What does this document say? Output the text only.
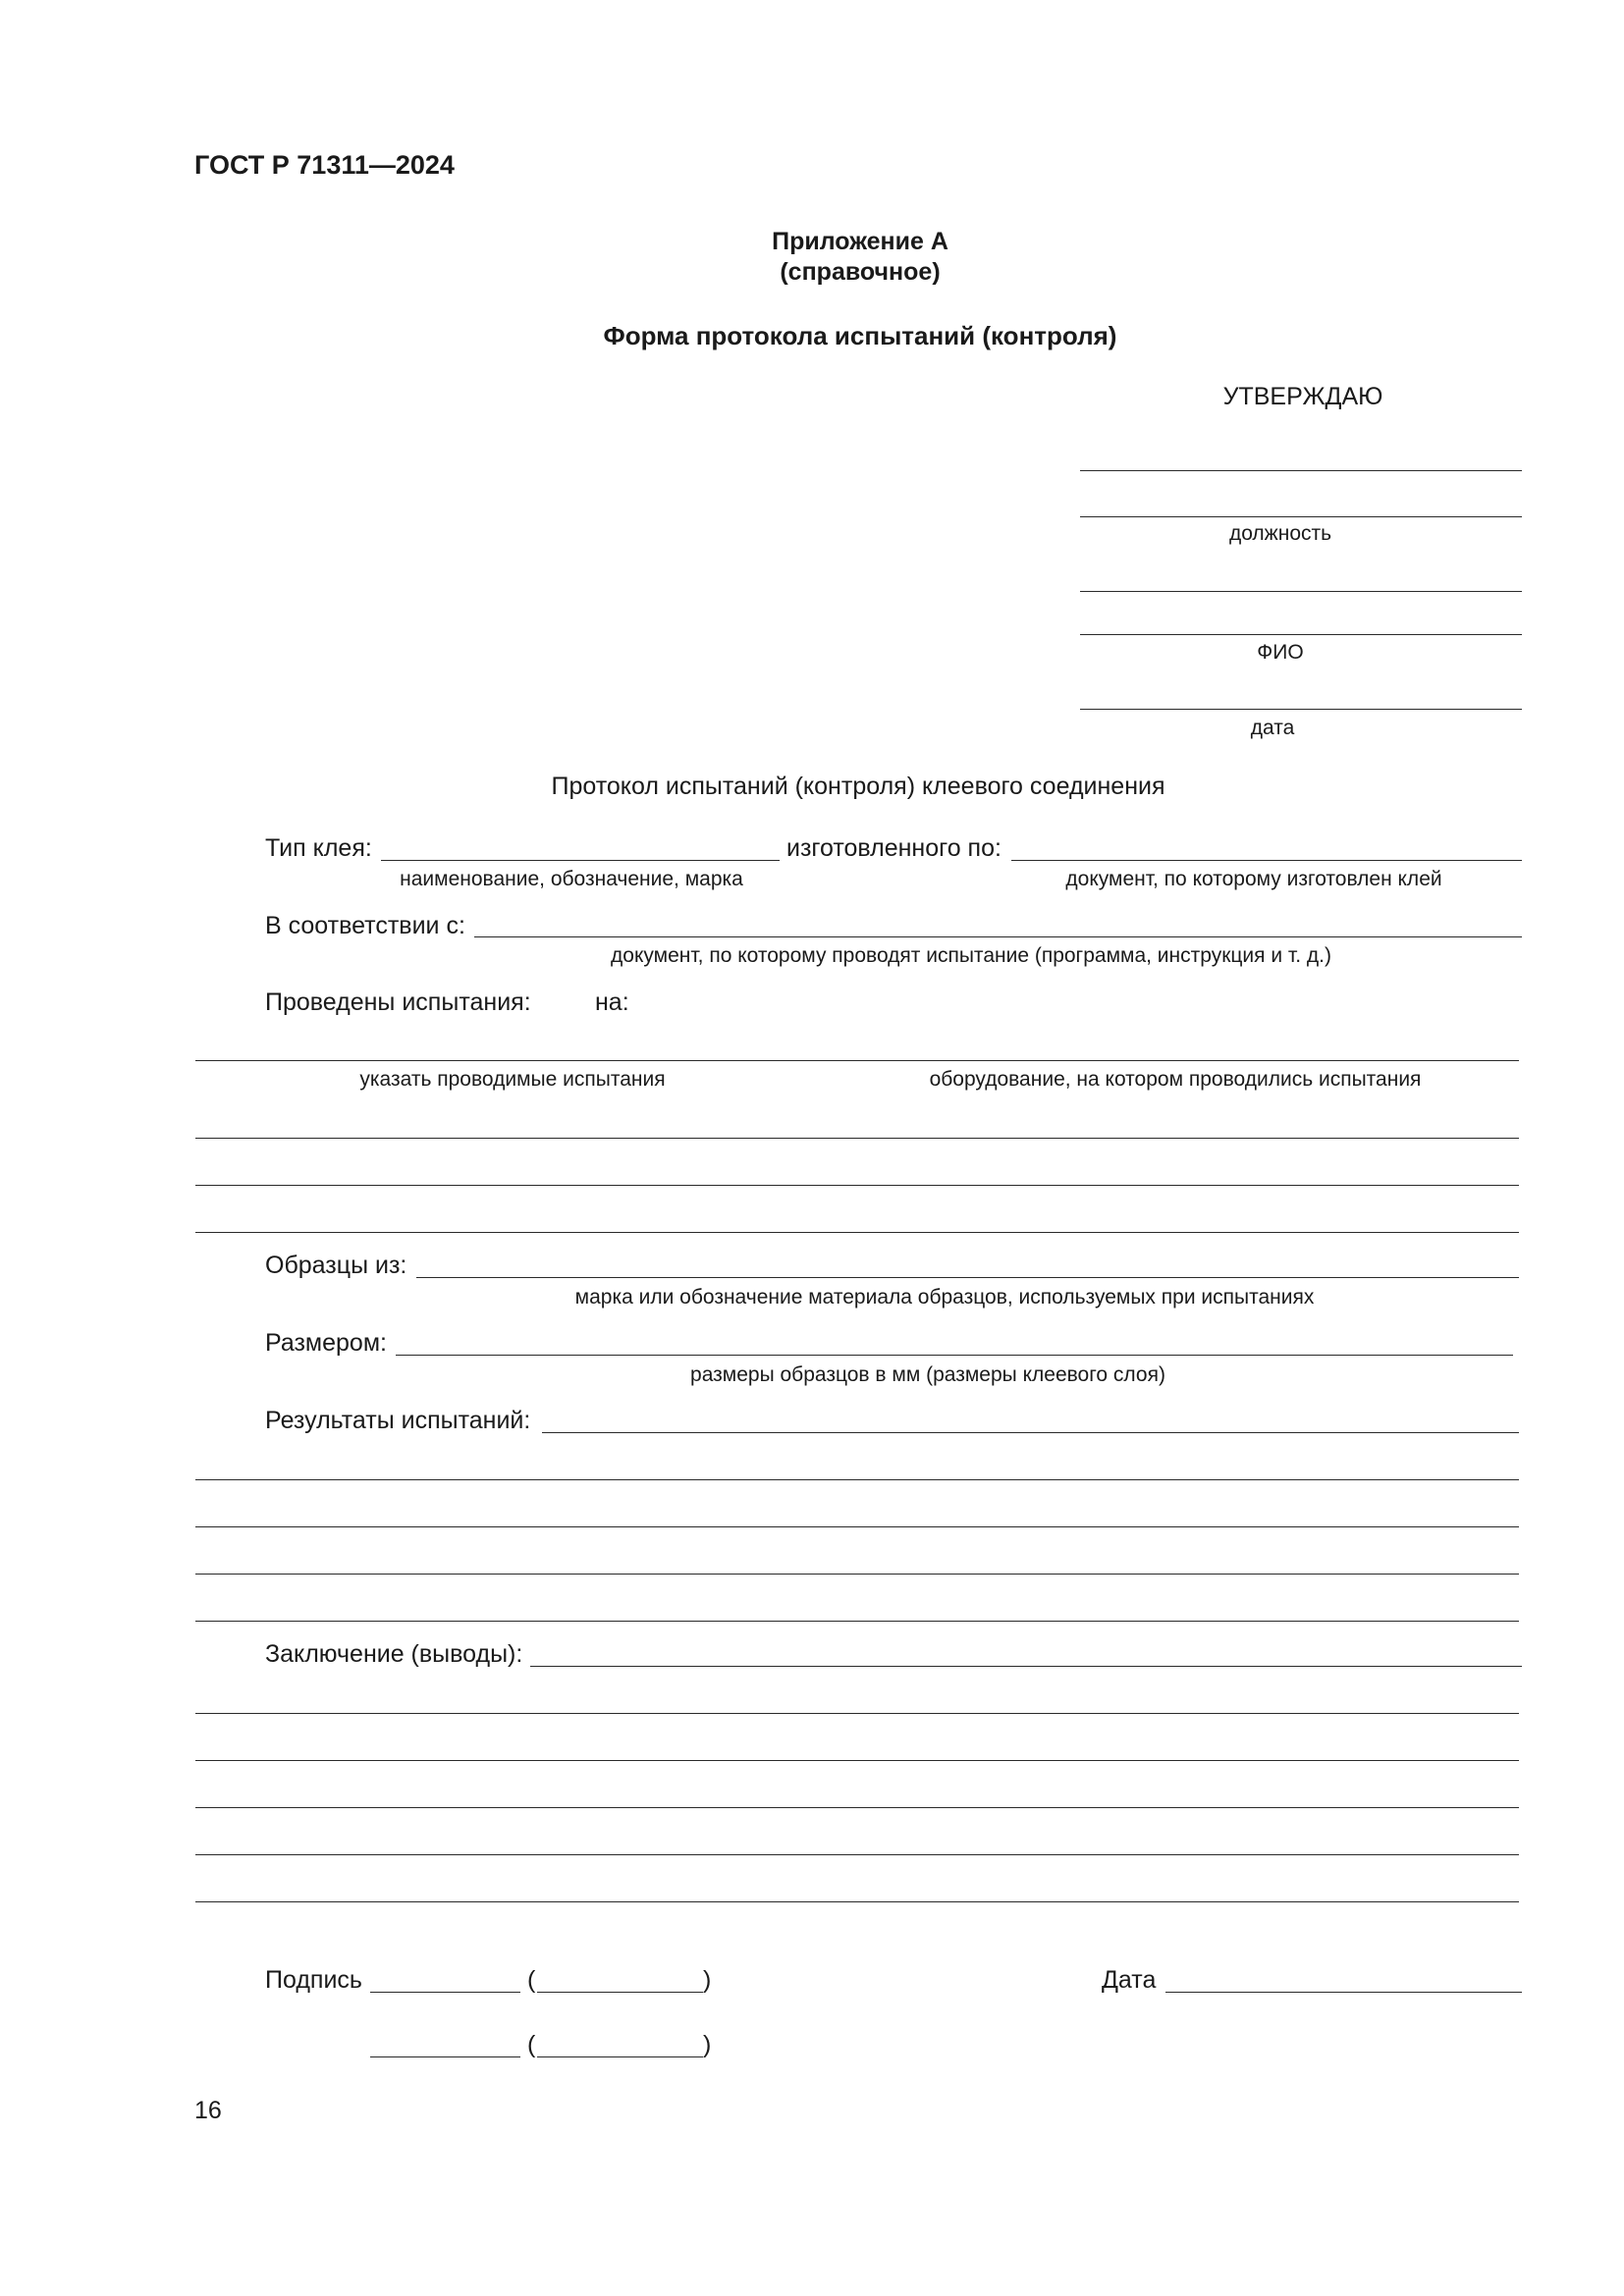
ГОСТ Р 71311—2024
Приложение А
(справочное)
Форма протокола испытаний (контроля)
УТВЕРЖДАЮ
должность
ФИО
дата
Протокол испытаний (контроля) клеевого соединения
Тип клея:	изготовленного по:
наименование, обозначение, марка	документ, по которому изготовлен клей
В соответствии с:
документ, по которому проводят испытание (программа, инструкция и т. д.)
Проведены испытания:	на:
указать проводимые испытания	оборудование, на котором проводились испытания
Образцы из:
марка или обозначение материала образцов, используемых при испытаниях
Размером:
размеры образцов в мм (размеры клеевого слоя)
Результаты испытаний:
Заключение (выводы):
Подпись	(	)	Дата
(	)
16
